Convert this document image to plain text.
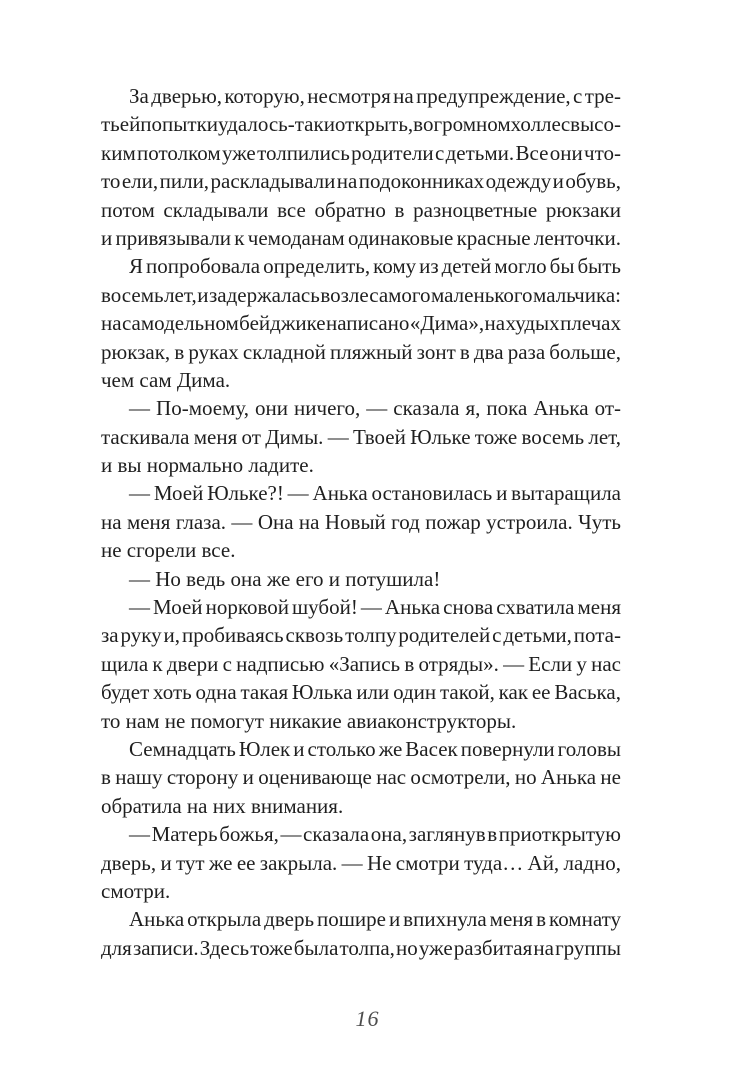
За дверью, которую, несмотря на предупреждение, с тре-
тьей попытки удалось-таки открыть, в огромном холле с высо-
ким потолком уже толпились родители с детьми. Все они что-
то ели, пили, раскладывали на подоконниках одежду и обувь,
потом складывали все обратно в разноцветные рюкзаки
и привязывали к чемоданам одинаковые красные ленточки.
Я попробовала определить, кому из детей могло бы быть
восемь лет, и задержалась возле самого маленького мальчика:
на самодельном бейджике написано «Дима», на худых плечах
рюкзак, в руках складной пляжный зонт в два раза больше,
чем сам Дима.
— По-моему, они ничего, — сказала я, пока Анька от-
таскивала меня от Димы. — Твоей Юльке тоже восемь лет,
и вы нормально ладите.
— Моей Юльке?! — Анька остановилась и вытаращила
на меня глаза. — Она на Новый год пожар устроила. Чуть
не сгорели все.
— Но ведь она же его и потушила!
— Моей норковой шубой! — Анька снова схватила меня
за руку и, пробиваясь сквозь толпу родителей с детьми, пота-
щила к двери с надписью «Запись в отряды». — Если у нас
будет хоть одна такая Юлька или один такой, как ее Васька,
то нам не помогут никакие авиаконструкторы.
Семнадцать Юлек и столько же Васек повернули головы
в нашу сторону и оценивающе нас осмотрели, но Анька не
обратила на них внимания.
— Матерь божья, — сказала она, заглянув в приоткрытую
дверь, и тут же ее закрыла. — Не смотри туда… Ай, ладно,
смотри.
Анька открыла дверь пошире и впихнула меня в комнату
для записи. Здесь тоже была толпа, но уже разбитая на группы
16
